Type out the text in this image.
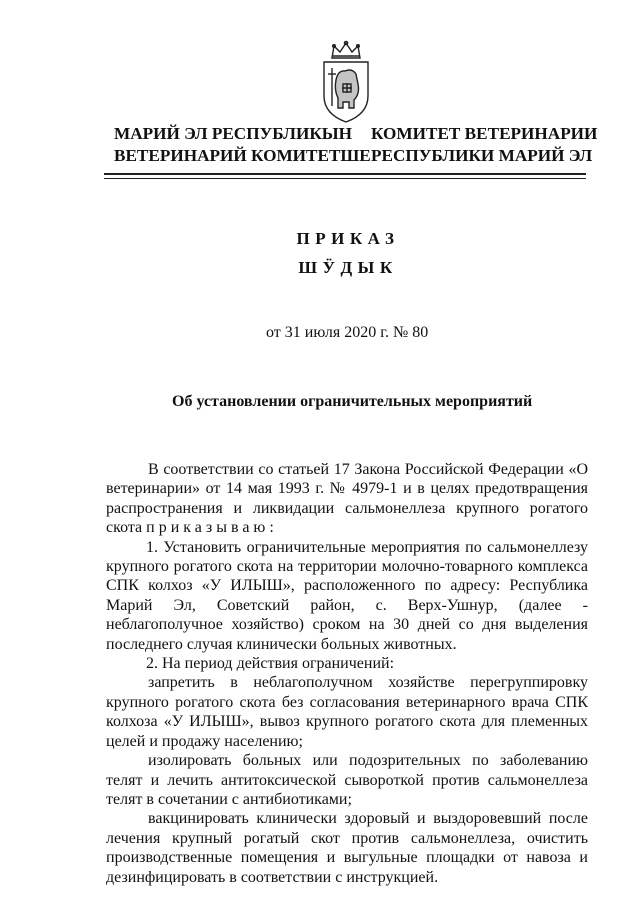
МАРИЙ ЭЛ РЕСПУБЛИКЫН
ВЕТЕРИНАРИЙ КОМИТЕТШЕ
КОМИТЕТ ВЕТЕРИНАРИИ
РЕСПУБЛИКИ МАРИЙ ЭЛ
ПРИКАЗ
ШӰДЫК
от 31 июля 2020 г. № 80
Об установлении ограничительных мероприятий

В соответствии со статьей 17 Закона Российской Федерации «О ветеринарии» от 14 мая 1993 г. № 4979-1 и в целях предотвращения распространения и ликвидации сальмонеллеза крупного рогатого скота приказываю:

1. Установить ограничительные мероприятия по сальмонеллезу крупного рогатого скота на территории молочно-товарного комплекса СПК колхоз «У ИЛЫШ», расположенного по адресу: Республика Марий Эл, Советский район, с. Верх-Ушнур, (далее - неблагополучное хозяйство) сроком на 30 дней со дня выделения последнего случая клинически больных животных.

2. На период действия ограничений:

запретить в неблагополучном хозяйстве перегруппировку крупного рогатого скота без согласования ветеринарного врача СПК колхоза «У ИЛЫШ», вывоз крупного рогатого скота для племенных целей и продажу населению;

изолировать больных или подозрительных по заболеванию телят и лечить антитоксической сывороткой против сальмонеллеза телят в сочетании с антибиотиками;

вакцинировать клинически здоровый и выздоровевший после лечения крупный рогатый скот против сальмонеллеза, очистить производственные помещения и выгульные площадки от навоза и дезинфицировать в соответствии с инструкцией.
